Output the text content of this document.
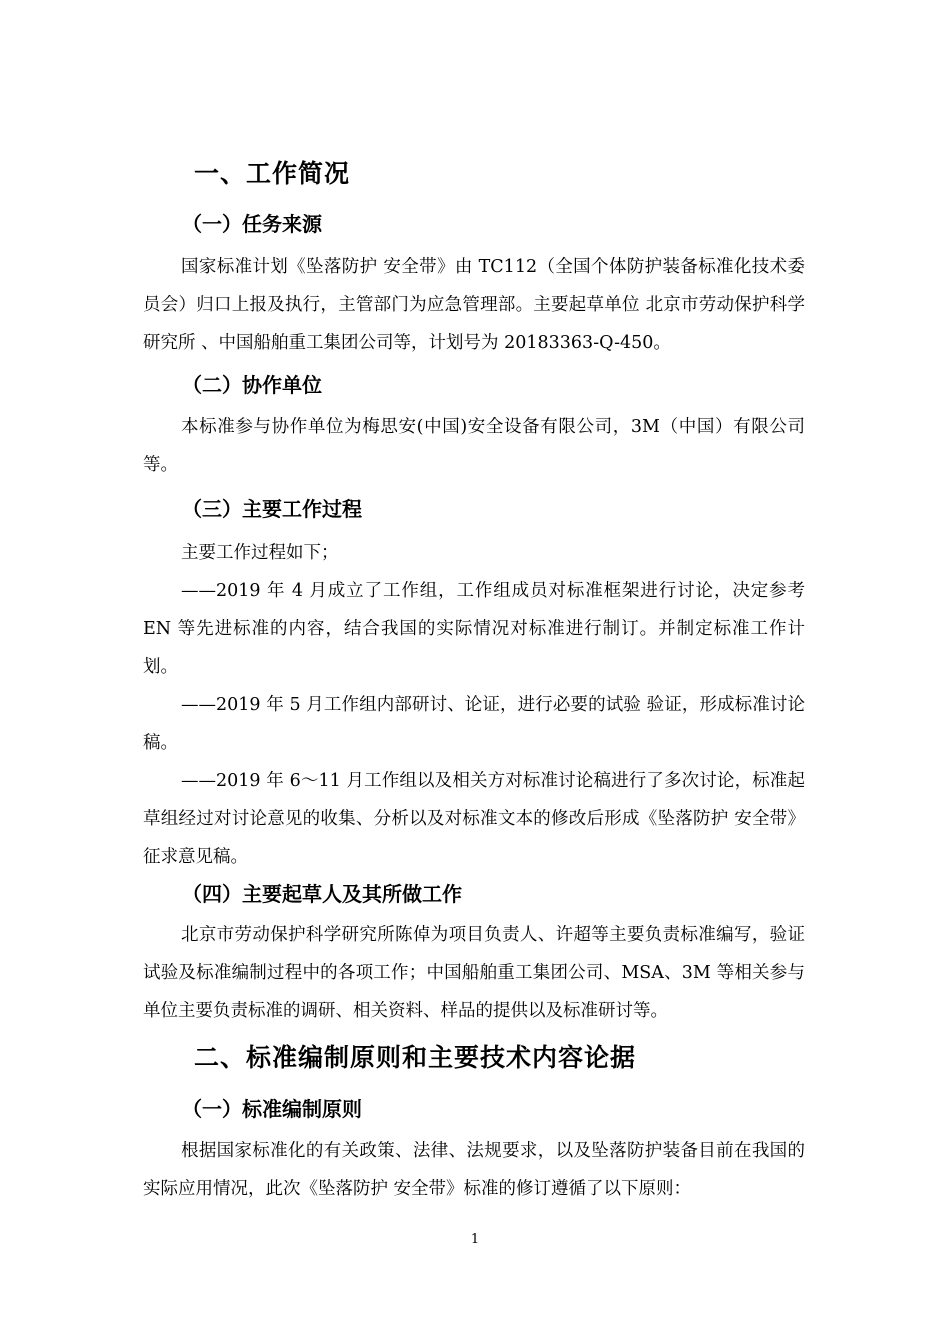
一、工作简况
（一）任务来源

国家标准计划《坠落防护 安全带》由 TC112（全国个体防护装备标准化技术委员会）归口上报及执行，主管部门为应急管理部。主要起草单位 北京市劳动保护科学研究所 、中国船舶重工集团公司等，计划号为 20183363-Q-450。

（二）协作单位

本标准参与协作单位为梅思安(中国)安全设备有限公司，3M（中国）有限公司等。

（三）主要工作过程

主要工作过程如下；

——2019 年 4 月成立了工作组，工作组成员对标准框架进行讨论，决定参考 EN 等先进标准的内容，结合我国的实际情况对标准进行制订。并制定标准工作计划。

——2019 年 5 月工作组内部研讨、论证，进行必要的试验 验证，形成标准讨论稿。

——2019 年 6～11 月工作组以及相关方对标准讨论稿进行了多次讨论，标准起草组经过对讨论意见的收集、分析以及对标准文本的修改后形成《坠落防护 安全带》征求意见稿。

（四）主要起草人及其所做工作

北京市劳动保护科学研究所陈倬为项目负责人、许超等主要负责标准编写，验证试验及标准编制过程中的各项工作；中国船舶重工集团公司、MSA、3M 等相关参与单位主要负责标准的调研、相关资料、样品的提供以及标准研讨等。

二、标准编制原则和主要技术内容论据
（一）标准编制原则

根据国家标准化的有关政策、法律、法规要求，以及坠落防护装备目前在我国的实际应用情况，此次《坠落防护 安全带》标准的修订遵循了以下原则：

1
